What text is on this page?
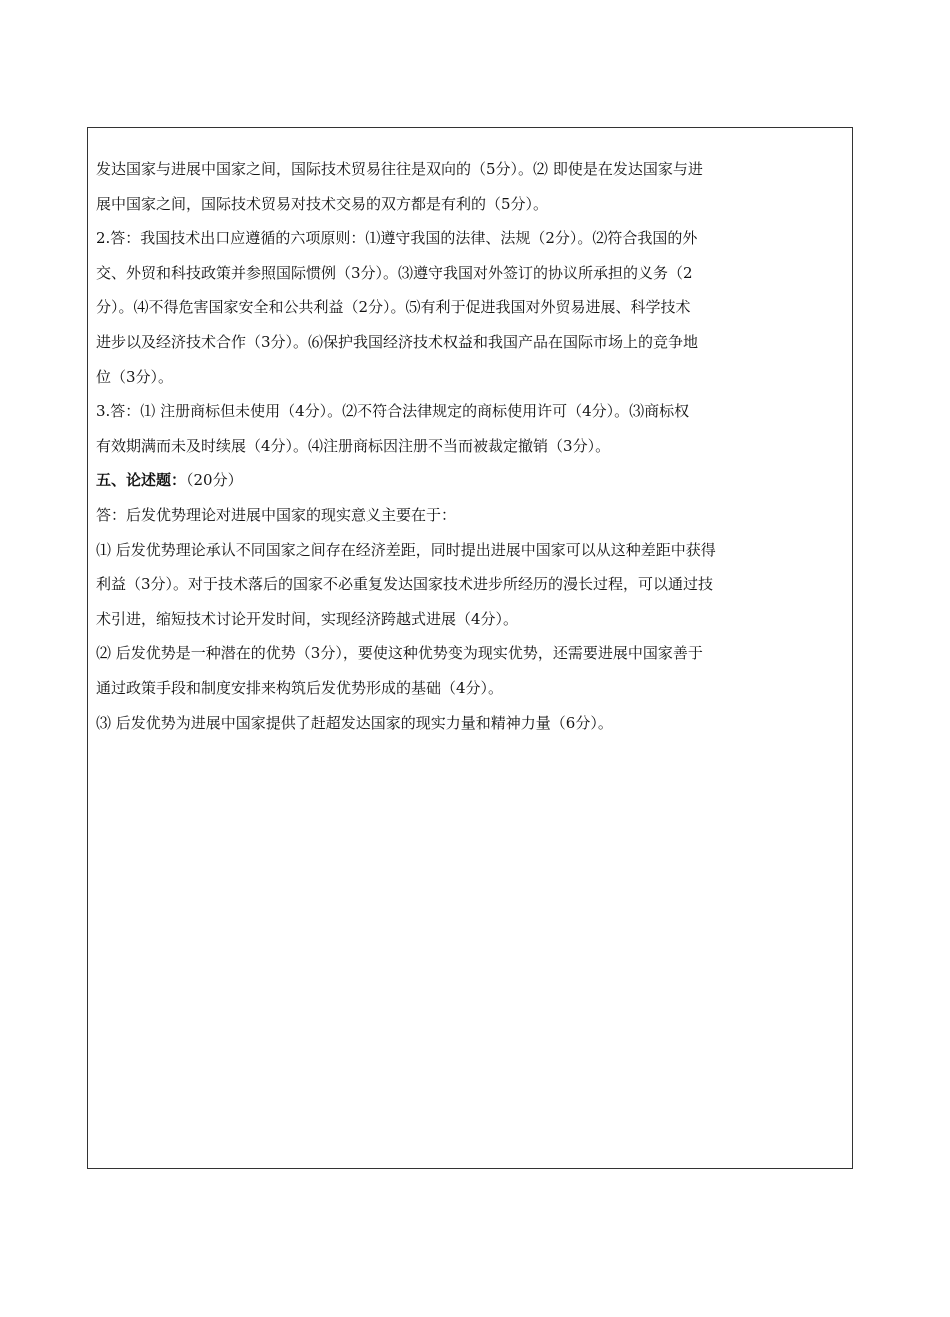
发达国家与进展中国家之间，国际技术贸易往往是双向的（5分）。⑵ 即使是在发达国家与进
展中国家之间，国际技术贸易对技术交易的双方都是有利的（5分）。
2.答：我国技术出口应遵循的六项原则：⑴遵守我国的法律、法规（2分）。⑵符合我国的外
交、外贸和科技政策并参照国际惯例（3分）。⑶遵守我国对外签订的协议所承担的义务（2
分）。⑷不得危害国家安全和公共利益（2分）。⑸有利于促进我国对外贸易进展、科学技术
进步以及经济技术合作（3分）。⑹保护我国经济技术权益和我国产品在国际市场上的竞争地
位（3分）。
3.答：⑴ 注册商标但未使用（4分）。⑵不符合法律规定的商标使用许可（4分）。⑶商标权
有效期满而未及时续展（4分）。⑷注册商标因注册不当而被裁定撤销（3分）。
五、论述题：（20分）
答：后发优势理论对进展中国家的现实意义主要在于：
⑴ 后发优势理论承认不同国家之间存在经济差距，同时提出进展中国家可以从这种差距中获得
利益（3分）。对于技术落后的国家不必重复发达国家技术进步所经历的漫长过程，可以通过技
术引进，缩短技术讨论开发时间，实现经济跨越式进展（4分）。
⑵ 后发优势是一种潜在的优势（3分），要使这种优势变为现实优势，还需要进展中国家善于
通过政策手段和制度安排来构筑后发优势形成的基础（4分）。
⑶ 后发优势为进展中国家提供了赶超发达国家的现实力量和精神力量（6分）。
